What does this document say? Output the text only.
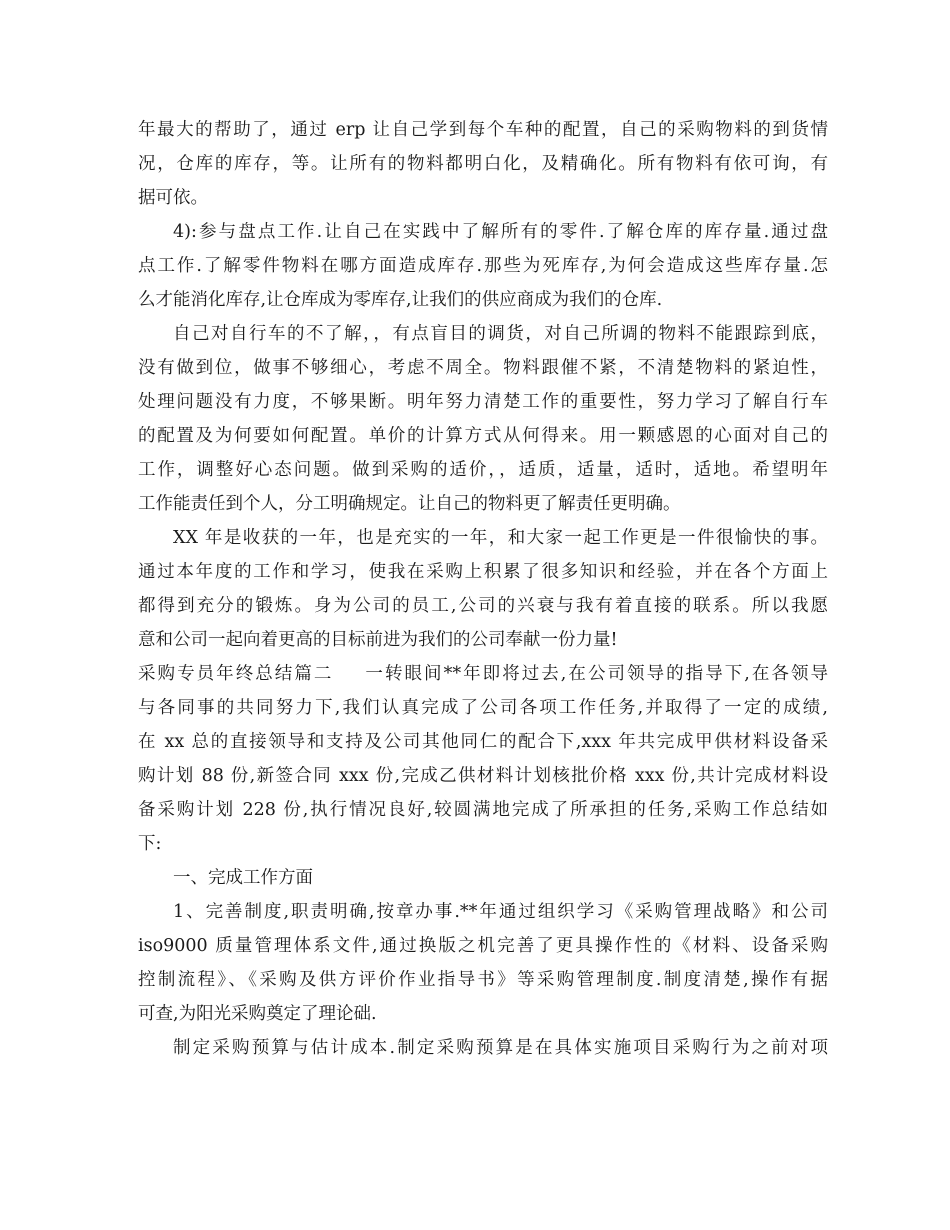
年最大的帮助了，通过 erp 让自己学到每个车种的配置，自己的采购物料的到货情
况，仓库的库存，等。让所有的物料都明白化，及精确化。所有物料有依可询，有
据可依。
4):参与盘点工作.让自己在实践中了解所有的零件.了解仓库的库存量.通过盘
点工作.了解零件物料在哪方面造成库存.那些为死库存,为何会造成这些库存量.怎
么才能消化库存,让仓库成为零库存,让我们的供应商成为我们的仓库.
自己对自行车的不了解，，有点盲目的调货，对自己所调的物料不能跟踪到底，
没有做到位，做事不够细心，考虑不周全。物料跟催不紧，不清楚物料的紧迫性，
处理问题没有力度，不够果断。明年努力清楚工作的重要性，努力学习了解自行车
的配置及为何要如何配置。单价的计算方式从何得来。用一颗感恩的心面对自己的
工作，调整好心态问题。做到采购的适价，，适质，适量，适时，适地。希望明年
工作能责任到个人，分工明确规定。让自己的物料更了解责任更明确。
XX 年是收获的一年，也是充实的一年，和大家一起工作更是一件很愉快的事。
通过本年度的工作和学习，使我在采购上积累了很多知识和经验，并在各个方面上
都得到充分的锻炼。身为公司的员工,公司的兴衰与我有着直接的联系。所以我愿
意和公司一起向着更高的目标前进为我们的公司奉献一份力量!
采购专员年终总结篇二 一转眼间**年即将过去,在公司领导的指导下,在各领导
与各同事的共同努力下,我们认真完成了公司各项工作任务,并取得了一定的成绩,
在 xx 总的直接领导和支持及公司其他同仁的配合下,xxx 年共完成甲供材料设备采
购计划 88 份,新签合同 xxx 份,完成乙供材料计划核批价格 xxx 份,共计完成材料设
备采购计划 228 份,执行情况良好,较圆满地完成了所承担的任务,采购工作总结如
下:
一、完成工作方面
1、完善制度,职责明确,按章办事.**年通过组织学习《采购管理战略》和公司
iso9000 质量管理体系文件,通过换版之机完善了更具操作性的《材料、设备采购
控制流程》、《采购及供方评价作业指导书》等采购管理制度.制度清楚,操作有据
可查,为阳光采购奠定了理论础.
制定采购预算与估计成本.制定采购预算是在具体实施项目采购行为之前对项
